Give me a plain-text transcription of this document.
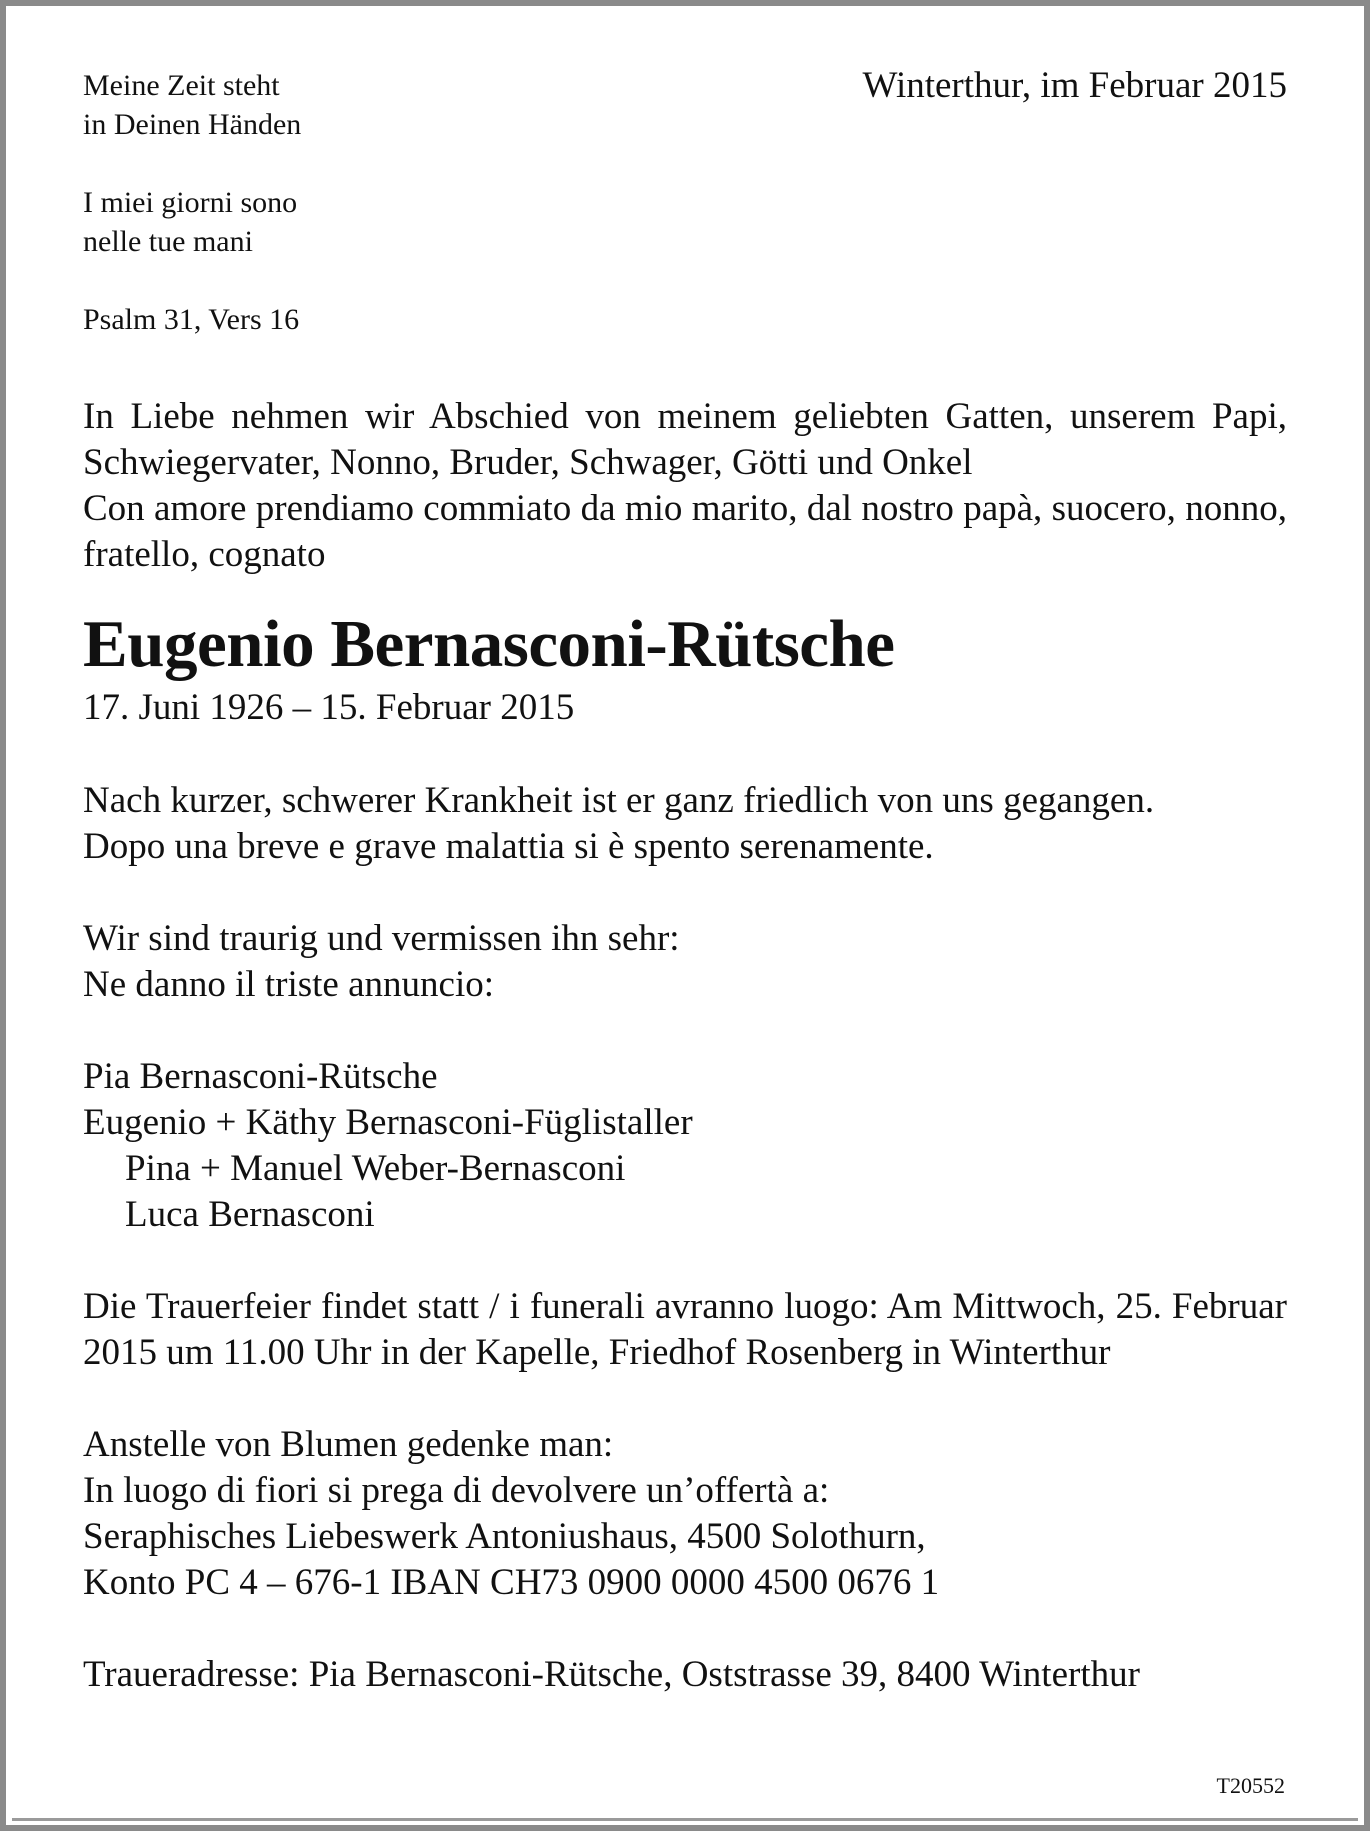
Winterthur, im Februar 2015
Meine Zeit steht
in Deinen Händen
I miei giorni sono
nelle tue mani
Psalm 31, Vers 16

In Liebe nehmen wir Abschied von meinem geliebten Gatten, unserem Papi, Schwiegervater, Nonno, Bruder, Schwager, Götti und Onkel

Con amore prendiamo commiato da mio marito, dal nostro papà, suocero, nonno, fratello, cognato

Eugenio Bernasconi-Rütsche

17. Juni 1926 – 15. Februar 2015

Nach kurzer, schwerer Krankheit ist er ganz friedlich von uns gegangen.

Dopo una breve e grave malattia si è spento serenamente.

Wir sind traurig und vermissen ihn sehr:

Ne danno il triste annuncio:

Pia Bernasconi-Rütsche

Eugenio + Käthy Bernasconi-Füglistaller

Pina + Manuel Weber-Bernasconi

Luca Bernasconi

Die Trauerfeier findet statt / i funerali avranno luogo: Am Mittwoch, 25. Februar 2015 um 11.00 Uhr in der Kapelle, Friedhof Rosenberg in Winterthur

Anstelle von Blumen gedenke man:

In luogo di fiori si prega di devolvere un’offertà a:

Seraphisches Liebeswerk Antoniushaus, 4500 Solothurn,

Konto PC 4 – 676-1 IBAN CH73 0900 0000 4500 0676 1

Traueradresse: Pia Bernasconi-Rütsche, Oststrasse 39, 8400 Winterthur

T20552
